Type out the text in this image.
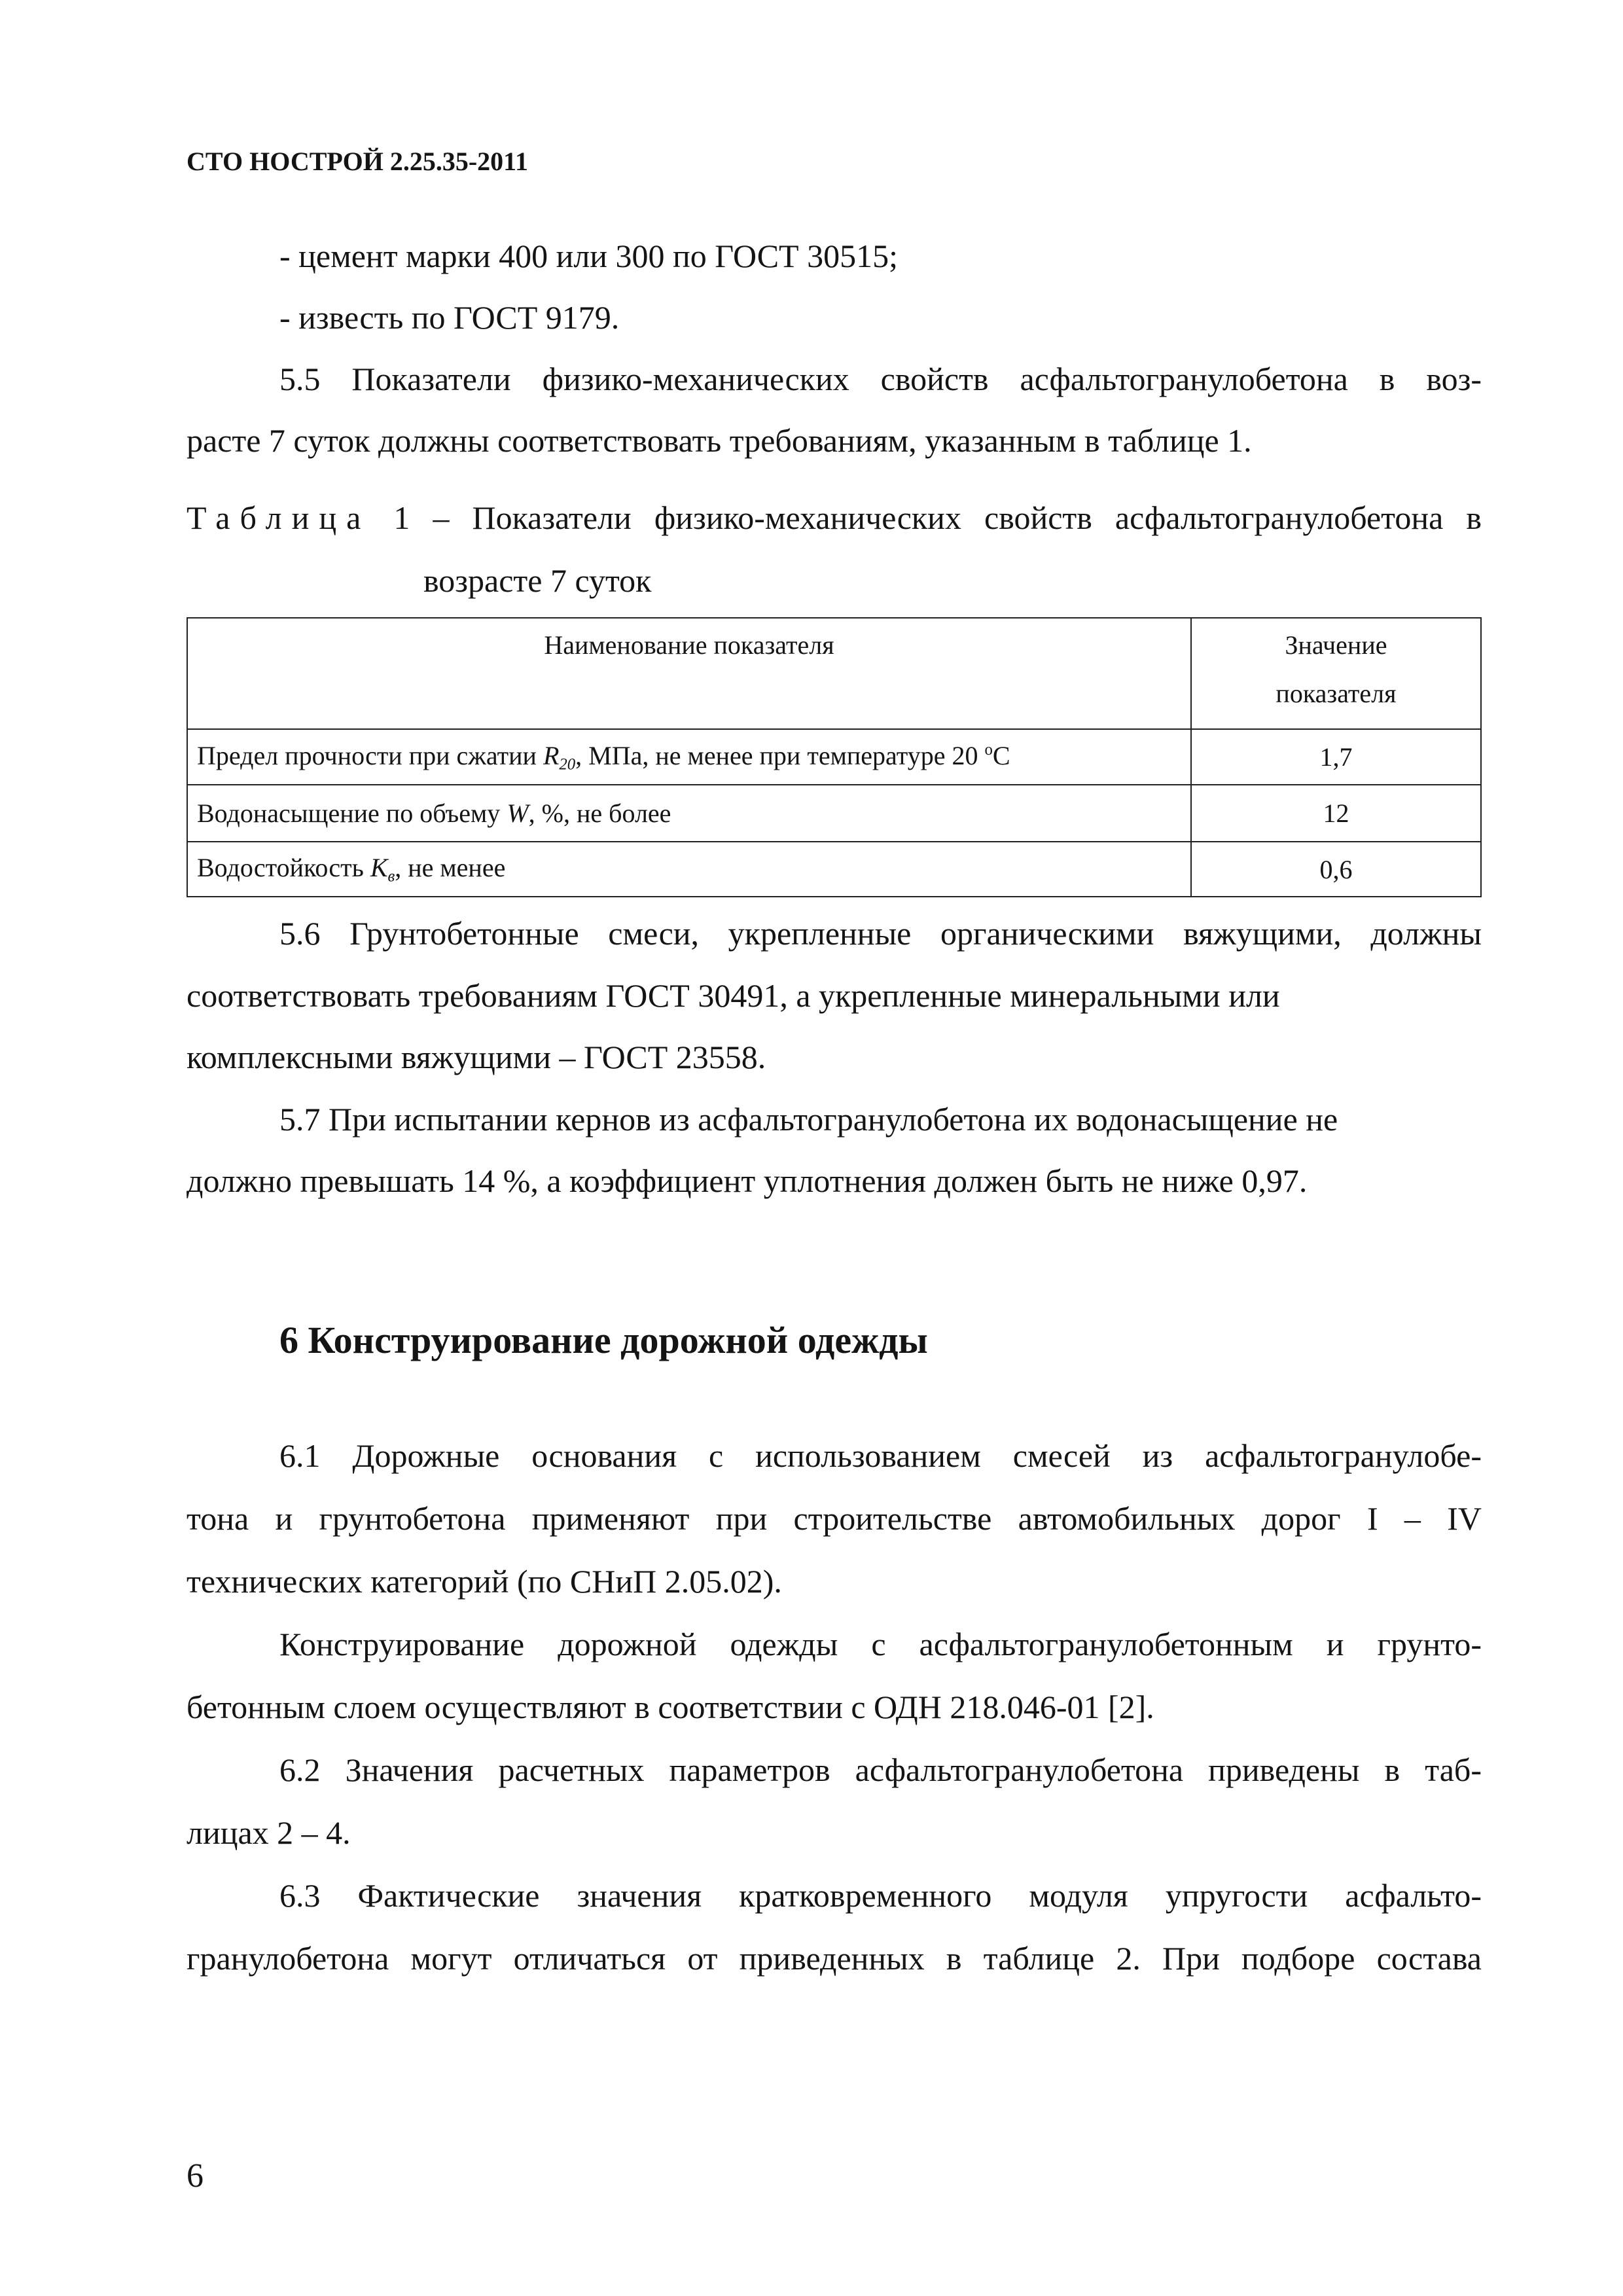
СТО НОСТРОЙ 2.25.35-2011
- цемент марки 400 или 300 по ГОСТ 30515;
- известь по ГОСТ 9179.
5.5 Показатели физико-механических свойств асфальтогранулобетона в воз-
расте 7 суток должны соответствовать требованиям, указанным в таблице 1.
Таблица 1 – Показатели физико-механических свойств асфальтогранулобетона в
возрасте 7 суток
Наименование показателя	Значение
показателя
Предел прочности при сжатии $R_{20}$, МПа, не менее при температуре 20 $^о$С	1,7
Водонасыщение по объему W, %, не более	12
Водостойкость $К_в$, не менее	0,6
5.6 Грунтобетонные смеси, укрепленные органическими вяжущими, должны
соответствовать требованиям ГОСТ 30491, а укрепленные минеральными или
комплексными вяжущими – ГОСТ 23558.
5.7 При испытании кернов из асфальтогранулобетона их водонасыщение не
должно превышать 14 %, а коэффициент уплотнения должен быть не ниже 0,97.
6 Конструирование дорожной одежды
6.1 Дорожные основания с использованием смесей из асфальтогранулобе-
тона и грунтобетона применяют при строительстве автомобильных дорог I – IV
технических категорий (по СНиП 2.05.02).
Конструирование дорожной одежды с асфальтогранулобетонным и грунто-
бетонным слоем осуществляют в соответствии с ОДН 218.046-01 [2].
6.2 Значения расчетных параметров асфальтогранулобетона приведены в таб-
лицах 2 – 4.
6.3 Фактические значения кратковременного модуля упругости асфальто-
гранулобетона могут отличаться от приведенных в таблице 2. При подборе состава
6
